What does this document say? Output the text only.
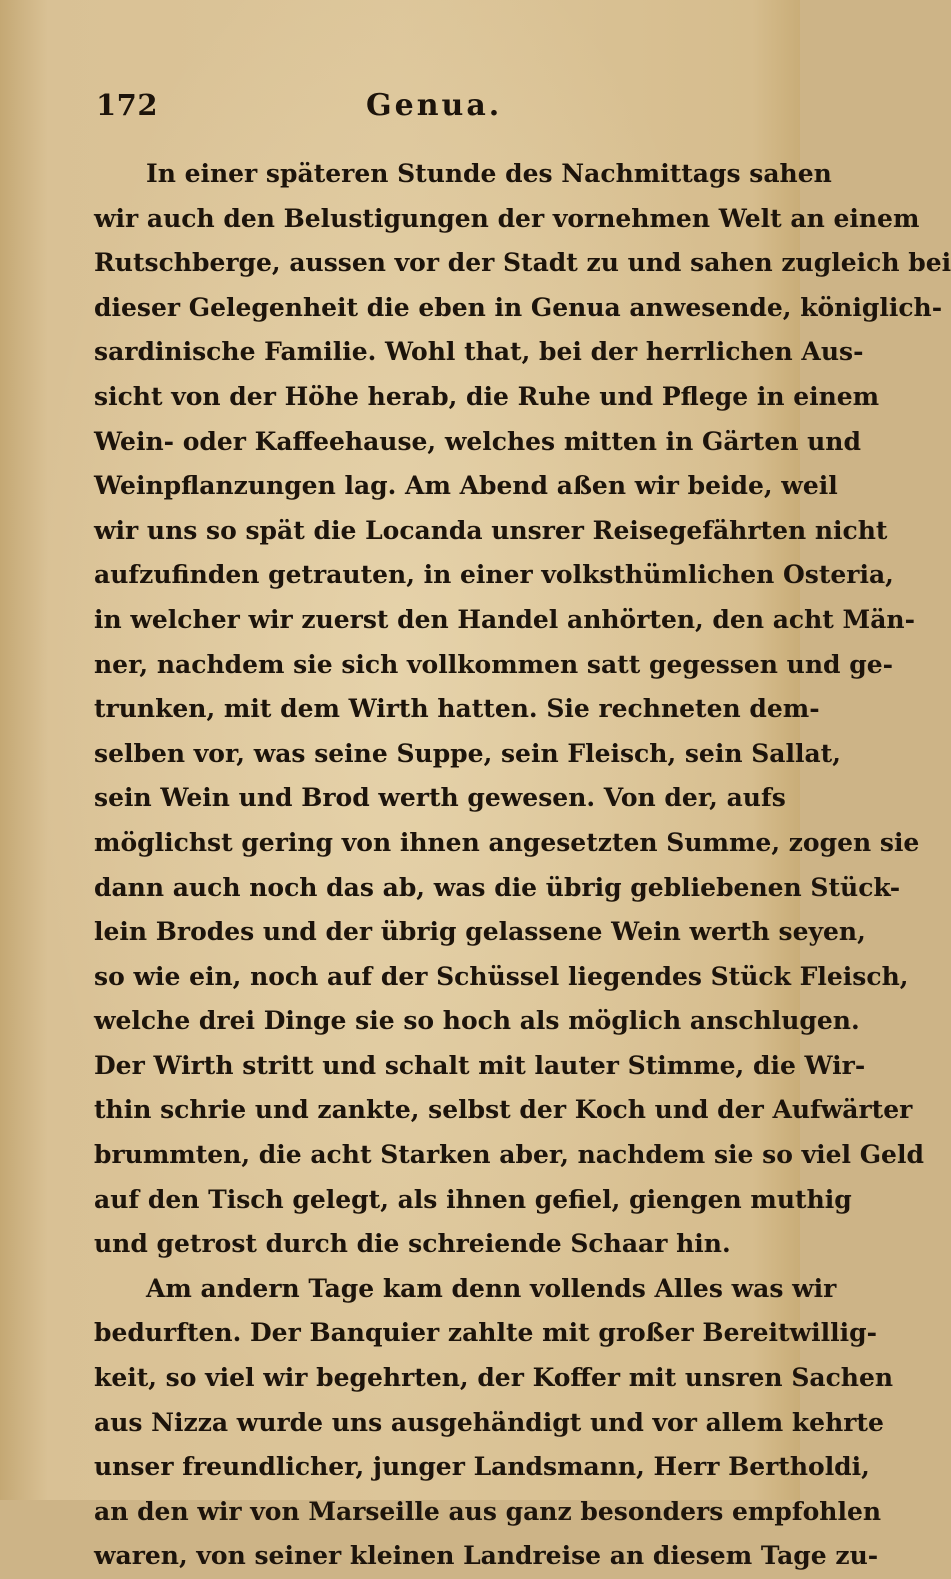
172	Genua.
In einer späteren Stunde des Nachmittags sahen
wir auch den Belustigungen der vornehmen Welt an einem
Rutschberge, aussen vor der Stadt zu und sahen zugleich bei
dieser Gelegenheit die eben in Genua anwesende, königlich-
sardinische Familie. Wohl that, bei der herrlichen Aus-
sicht von der Höhe herab, die Ruhe und Pflege in einem
Wein- oder Kaffeehause, welches mitten in Gärten und
Weinpflanzungen lag. Am Abend aßen wir beide, weil
wir uns so spät die Locanda unsrer Reisegefährten nicht
aufzufinden getrauten, in einer volksthümlichen Osteria,
in welcher wir zuerst den Handel anhörten, den acht Män-
ner, nachdem sie sich vollkommen satt gegessen und ge-
trunken, mit dem Wirth hatten. Sie rechneten dem-
selben vor, was seine Suppe, sein Fleisch, sein Sallat,
sein Wein und Brod werth gewesen. Von der, aufs
möglichst gering von ihnen angesetzten Summe, zogen sie
dann auch noch das ab, was die übrig gebliebenen Stück-
lein Brodes und der übrig gelassene Wein werth seyen,
so wie ein, noch auf der Schüssel liegendes Stück Fleisch,
welche drei Dinge sie so hoch als möglich anschlugen.
Der Wirth stritt und schalt mit lauter Stimme, die Wir-
thin schrie und zankte, selbst der Koch und der Aufwärter
brummten, die acht Starken aber, nachdem sie so viel Geld
auf den Tisch gelegt, als ihnen gefiel, giengen muthig
und getrost durch die schreiende Schaar hin.
Am andern Tage kam denn vollends Alles was wir
bedurften. Der Banquier zahlte mit großer Bereitwillig-
keit, so viel wir begehrten, der Koffer mit unsren Sachen
aus Nizza wurde uns ausgehändigt und vor allem kehrte
unser freundlicher, junger Landsmann, Herr Bertholdi,
an den wir von Marseille aus ganz besonders empfohlen
waren, von seiner kleinen Landreise an diesem Tage zu-
